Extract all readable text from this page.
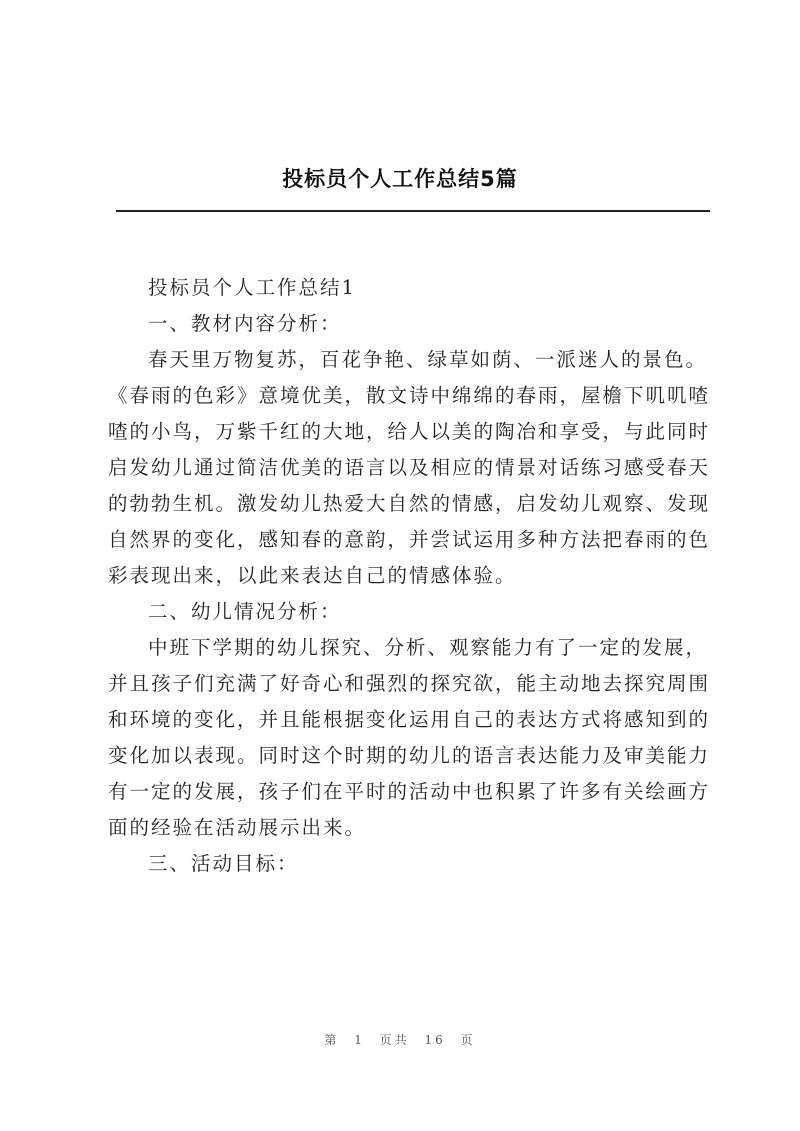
投标员个人工作总结5篇
投标员个人工作总结1
一、教材内容分析：
春天里万物复苏，百花争艳、绿草如荫、一派迷人的景色。
《春雨的色彩》意境优美，散文诗中绵绵的春雨，屋檐下叽叽喳
喳的小鸟，万紫千红的大地，给人以美的陶冶和享受，与此同时
启发幼儿通过简洁优美的语言以及相应的情景对话练习感受春天
的勃勃生机。激发幼儿热爱大自然的情感，启发幼儿观察、发现
自然界的变化，感知春的意韵，并尝试运用多种方法把春雨的色
彩表现出来，以此来表达自己的情感体验。
二、幼儿情况分析：
中班下学期的幼儿探究、分析、观察能力有了一定的发展，
并且孩子们充满了好奇心和强烈的探究欲，能主动地去探究周围
和环境的变化，并且能根据变化运用自己的表达方式将感知到的
变化加以表现。同时这个时期的幼儿的语言表达能力及审美能力
有一定的发展，孩子们在平时的活动中也积累了许多有关绘画方
面的经验在活动展示出来。
三、活动目标：
第 1 页共 16 页
